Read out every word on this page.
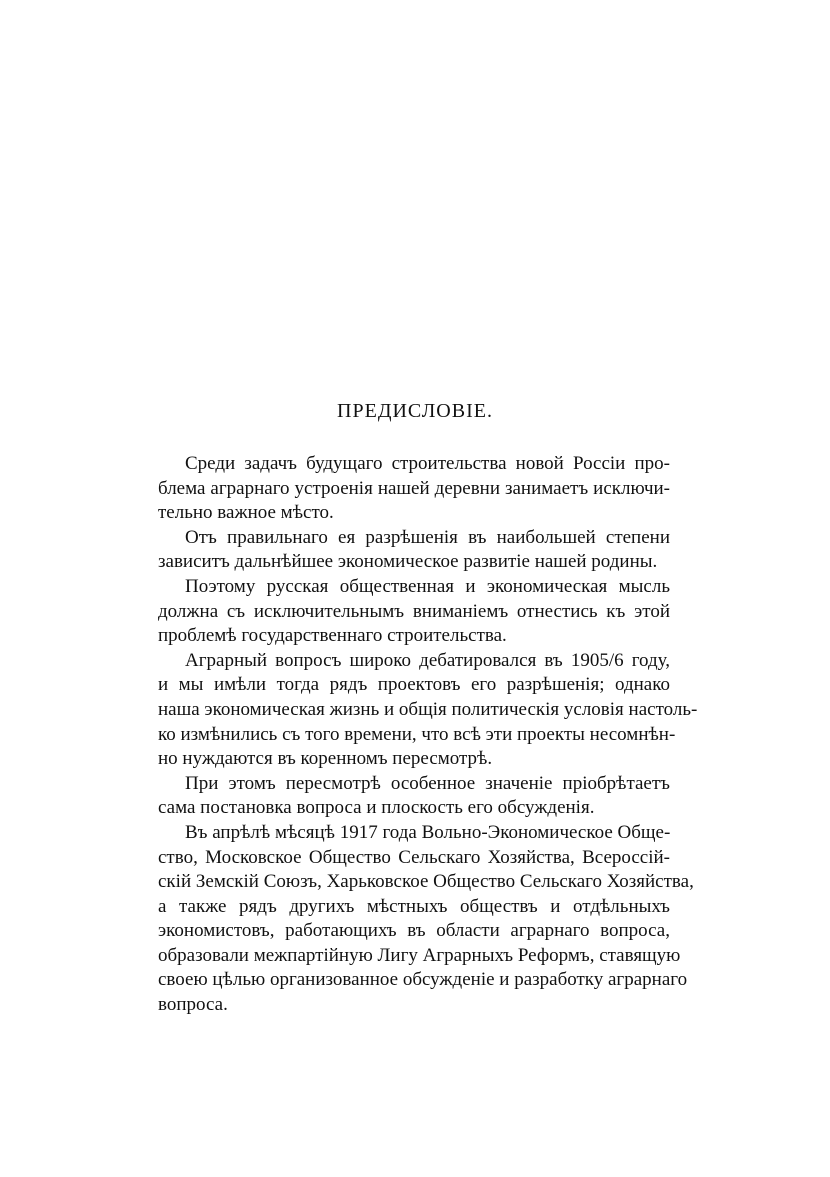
ПРЕДИСЛОВІЕ.
Среди задачъ будущаго строительства новой Россіи про-
блема аграрнаго устроенія нашей деревни занимаетъ исключи-
тельно важное мѣсто.
Отъ правильнаго ея разрѣшенія въ наибольшей степени
зависитъ дальнѣйшее экономическое развитіе нашей родины.
Поэтому русская общественная и экономическая мысль
должна съ исключительнымъ вниманіемъ отнестись къ этой
проблемѣ государственнаго строительства.
Аграрный вопросъ широко дебатировался въ 1905/6 году,
и мы имѣли тогда рядъ проектовъ его разрѣшенія; однако
наша экономическая жизнь и общія политическія условія настоль-
ко измѣнились съ того времени, что всѣ эти проекты несомнѣн-
но нуждаются въ коренномъ пересмотрѣ.
При этомъ пересмотрѣ особенное значеніе пріобрѣтаетъ
сама постановка вопроса и плоскость его обсужденія.
Въ апрѣлѣ мѣсяцѣ 1917 года Вольно-Экономическое Обще-
ство, Московское Общество Сельскаго Хозяйства, Всероссій-
скій Земскій Союзъ, Харьковское Общество Сельскаго Хозяйства,
а также рядъ другихъ мѣстныхъ обществъ и отдѣльныхъ
экономистовъ, работающихъ въ области аграрнаго вопроса,
образовали межпартійную Лигу Аграрныхъ Реформъ, ставящую
своею цѣлью организованное обсужденіе и разработку аграрнаго
вопроса.
